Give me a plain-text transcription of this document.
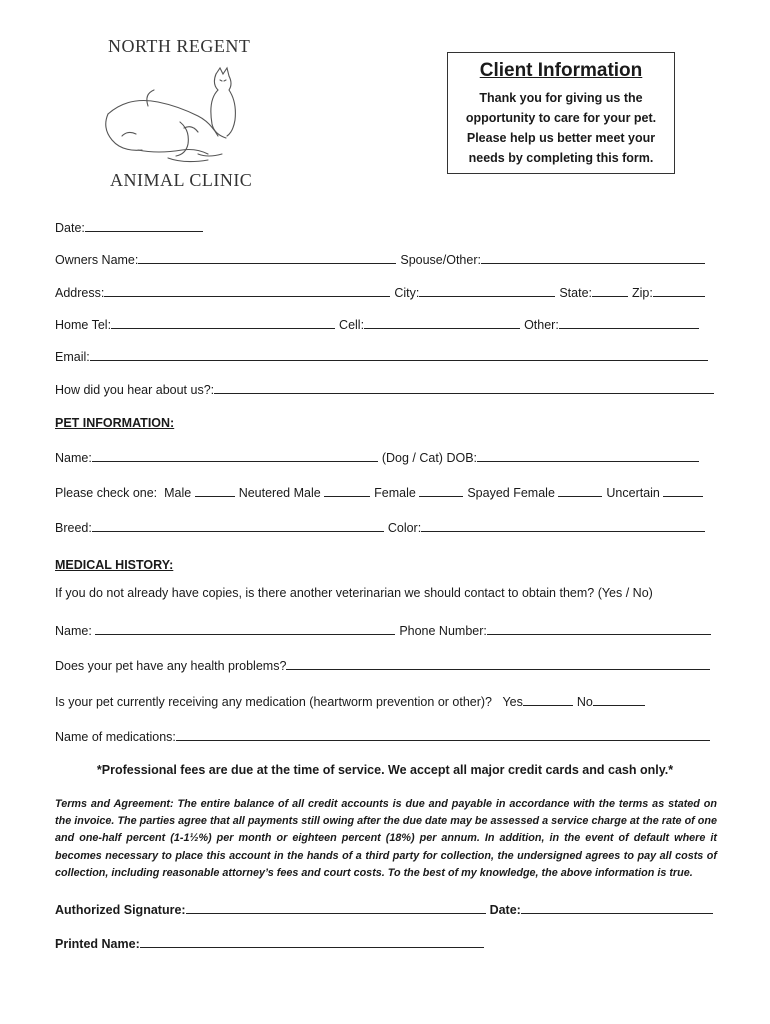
NORTH REGENT
ANIMAL CLINIC
Client Information
Thank you for giving us the
opportunity to care for your pet.
Please help us better meet your
needs by completing this form.
Date:
Owners Name:	Spouse/Other:
Address:	City:	State:	Zip:
Home Tel:	Cell:	Other:
Email:
How did you hear about us?:
PET INFORMATION:
Name:	(Dog / Cat) DOB:
Please check one: Male	Neutered Male	Female	Spayed Female	Uncertain
Breed:	Color:
MEDICAL HISTORY:
If you do not already have copies, is there another veterinarian we should contact to obtain them? (Yes / No)
Name:	Phone Number:
Does your pet have any health problems?
Is your pet currently receiving any medication (heartworm prevention or other)? Yes	No
Name of medications:
*Professional fees are due at the time of service. We accept all major credit cards and cash only.*
Terms and Agreement: The entire balance of all credit accounts is due and payable in accordance with the terms as stated on the invoice. The parties agree that all payments still owing after the due date may be assessed a service charge at the rate of one and one-half percent (1-1½%) per month or eighteen percent (18%) per annum. In addition, in the event of default where it becomes necessary to place this account in the hands of a third party for collection, the undersigned agrees to pay all costs of collection, including reasonable attorney’s fees and court costs. To the best of my knowledge, the above information is true.
Authorized Signature:	Date:
Printed Name:
